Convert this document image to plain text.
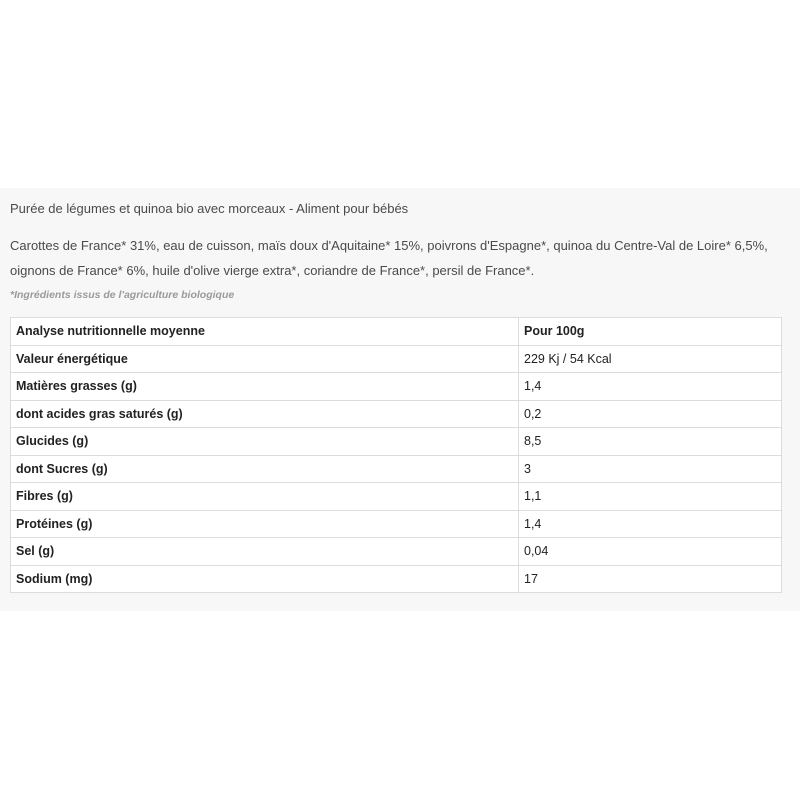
Purée de légumes et quinoa bio avec morceaux - Aliment pour bébés
Carottes de France* 31%, eau de cuisson, maïs doux d'Aquitaine* 15%, poivrons d'Espagne*, quinoa du Centre-Val de Loire* 6,5%, oignons de France* 6%, huile d'olive vierge extra*, coriandre de France*, persil de France*.
*Ingrédients issus de l'agriculture biologique
Analyse nutritionnelle moyenne	Pour 100g
Valeur énergétique	229 Kj / 54 Kcal
Matières grasses (g)	1,4
dont acides gras saturés (g)	0,2
Glucides (g)	8,5
dont Sucres (g)	3
Fibres (g)	1,1
Protéines (g)	1,4
Sel (g)	0,04
Sodium (mg)	17
